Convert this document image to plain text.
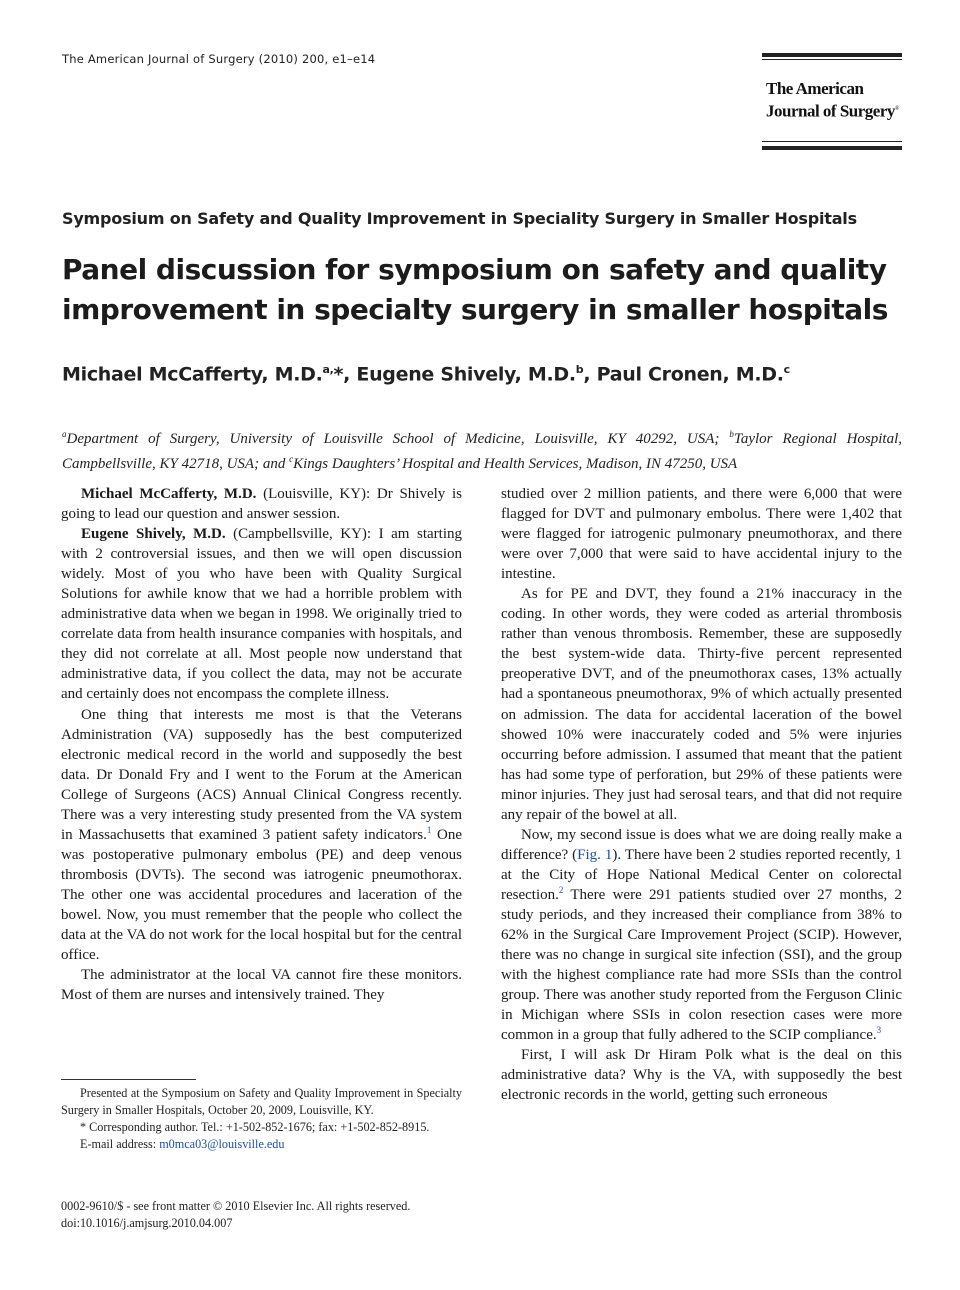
The American Journal of Surgery (2010) 200, e1–e14
The American
Journal of Surgery®
Symposium on Safety and Quality Improvement in Speciality Surgery in Smaller Hospitals
Panel discussion for symposium on safety and quality improvement in specialty surgery in smaller hospitals
Michael McCafferty, M.D.$^{a,}$*, Eugene Shively, M.D.$^b$, Paul Cronen, M.D.$^c$
$^a$Department of Surgery, University of Louisville School of Medicine, Louisville, KY 40292, USA; $^b$Taylor Regional Hospital, Campbellsville, KY 42718, USA; and $^c$Kings Daughters’ Hospital and Health Services, Madison, IN 47250, USA

Michael McCafferty, M.D. (Louisville, KY): Dr Shively is going to lead our question and answer session.

Eugene Shively, M.D. (Campbellsville, KY): I am starting with 2 controversial issues, and then we will open discussion widely. Most of you who have been with Quality Surgical Solutions for awhile know that we had a horrible problem with administrative data when we began in 1998. We originally tried to correlate data from health insurance companies with hospitals, and they did not correlate at all. Most people now understand that administrative data, if you collect the data, may not be accurate and certainly does not encompass the complete illness.

One thing that interests me most is that the Veterans Administration (VA) supposedly has the best computerized electronic medical record in the world and supposedly the best data. Dr Donald Fry and I went to the Forum at the American College of Surgeons (ACS) Annual Clinical Congress recently. There was a very interesting study presented from the VA system in Massachusetts that examined 3 patient safety indicators.$^1$ One was postoperative pulmonary embolus (PE) and deep venous thrombosis (DVTs). The second was iatrogenic pneumothorax. The other one was accidental procedures and laceration of the bowel. Now, you must remember that the people who collect the data at the VA do not work for the local hospital but for the central office.

The administrator at the local VA cannot fire these monitors. Most of them are nurses and intensively trained. They

studied over 2 million patients, and there were 6,000 that were flagged for DVT and pulmonary embolus. There were 1,402 that were flagged for iatrogenic pulmonary pneumothorax, and there were over 7,000 that were said to have accidental injury to the intestine.

As for PE and DVT, they found a 21% inaccuracy in the coding. In other words, they were coded as arterial thrombosis rather than venous thrombosis. Remember, these are supposedly the best system-wide data. Thirty-five percent represented preoperative DVT, and of the pneumothorax cases, 13% actually had a spontaneous pneumothorax, 9% of which actually presented on admission. The data for accidental laceration of the bowel showed 10% were inaccurately coded and 5% were injuries occurring before admission. I assumed that meant that the patient has had some type of perforation, but 29% of these patients were minor injuries. They just had serosal tears, and that did not require any repair of the bowel at all.

Now, my second issue is does what we are doing really make a difference? (Fig. 1). There have been 2 studies reported recently, 1 at the City of Hope National Medical Center on colorectal resection.$^2$ There were 291 patients studied over 27 months, 2 study periods, and they increased their compliance from 38% to 62% in the Surgical Care Improvement Project (SCIP). However, there was no change in surgical site infection (SSI), and the group with the highest compliance rate had more SSIs than the control group. There was another study reported from the Ferguson Clinic in Michigan where SSIs in colon resection cases were more common in a group that fully adhered to the SCIP compliance.$^3$

First, I will ask Dr Hiram Polk what is the deal on this administrative data? Why is the VA, with supposedly the best electronic records in the world, getting such erroneous

Presented at the Symposium on Safety and Quality Improvement in Specialty Surgery in Smaller Hospitals, October 20, 2009, Louisville, KY.

* Corresponding author. Tel.: +1-502-852-1676; fax: +1-502-852-8915.

E-mail address: m0mca03@louisville.edu

0002-9610/$ - see front matter © 2010 Elsevier Inc. All rights reserved.
doi:10.1016/j.amjsurg.2010.04.007
